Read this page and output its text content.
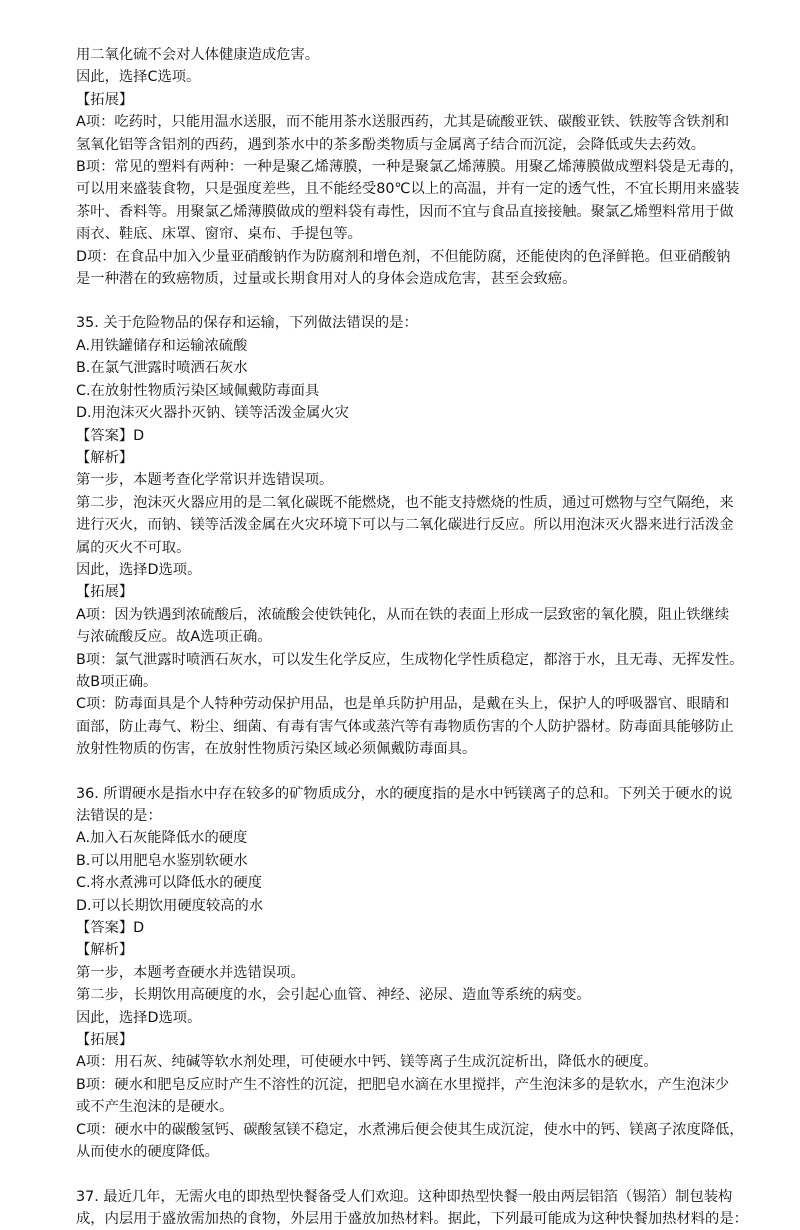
用二氧化硫不会对人体健康造成危害。
因此，选择C选项。
【拓展】
A项：吃药时，只能用温水送服，而不能用茶水送服西药，尤其是硫酸亚铁、碳酸亚铁、铁胺等含铁剂和
氢氧化铝等含铝剂的西药，遇到茶水中的茶多酚类物质与金属离子结合而沉淀，会降低或失去药效。
B项：常见的塑料有两种：一种是聚乙烯薄膜，一种是聚氯乙烯薄膜。用聚乙烯薄膜做成塑料袋是无毒的，
可以用来盛装食物，只是强度差些，且不能经受80℃以上的高温，并有一定的透气性，不宜长期用来盛装
茶叶、香料等。用聚氯乙烯薄膜做成的塑料袋有毒性，因而不宜与食品直接接触。聚氯乙烯塑料常用于做
雨衣、鞋底、床罩、窗帘、桌布、手提包等。
D项：在食品中加入少量亚硝酸钠作为防腐剂和增色剂，不但能防腐，还能使肉的色泽鲜艳。但亚硝酸钠
是一种潜在的致癌物质，过量或长期食用对人的身体会造成危害，甚至会致癌。
35. 关于危险物品的保存和运输，下列做法错误的是：
A.用铁罐储存和运输浓硫酸
B.在氯气泄露时喷洒石灰水
C.在放射性物质污染区域佩戴防毒面具
D.用泡沫灭火器扑灭钠、镁等活泼金属火灾
【答案】D
【解析】
第一步，本题考查化学常识并选错误项。
第二步，泡沫灭火器应用的是二氧化碳既不能燃烧，也不能支持燃烧的性质，通过可燃物与空气隔绝，来
进行灭火，而钠、镁等活泼金属在火灾环境下可以与二氧化碳进行反应。所以用泡沫灭火器来进行活泼金
属的灭火不可取。
因此，选择D选项。
【拓展】
A项：因为铁遇到浓硫酸后，浓硫酸会使铁钝化，从而在铁的表面上形成一层致密的氧化膜，阻止铁继续
与浓硫酸反应。故A选项正确。
B项：氯气泄露时喷洒石灰水，可以发生化学反应，生成物化学性质稳定，都溶于水，且无毒、无挥发性。
故B项正确。
C项：防毒面具是个人特种劳动保护用品，也是单兵防护用品，是戴在头上，保护人的呼吸器官、眼睛和
面部，防止毒气、粉尘、细菌、有毒有害气体或蒸汽等有毒物质伤害的个人防护器材。防毒面具能够防止
放射性物质的伤害，在放射性物质污染区域必须佩戴防毒面具。
36. 所谓硬水是指水中存在较多的矿物质成分，水的硬度指的是水中钙镁离子的总和。下列关于硬水的说
法错误的是：
A.加入石灰能降低水的硬度
B.可以用肥皂水鉴别软硬水
C.将水煮沸可以降低水的硬度
D.可以长期饮用硬度较高的水
【答案】D
【解析】
第一步，本题考查硬水并选错误项。
第二步，长期饮用高硬度的水，会引起心血管、神经、泌尿、造血等系统的病变。
因此，选择D选项。
【拓展】
A项：用石灰、纯碱等软水剂处理，可使硬水中钙、镁等离子生成沉淀析出，降低水的硬度。
B项：硬水和肥皂反应时产生不溶性的沉淀，把肥皂水滴在水里搅拌，产生泡沫多的是软水，产生泡沫少
或不产生泡沫的是硬水。
C项：硬水中的碳酸氢钙、碳酸氢镁不稳定，水煮沸后便会使其生成沉淀，使水中的钙、镁离子浓度降低，
从而使水的硬度降低。
37. 最近几年，无需火电的即热型快餐备受人们欢迎。这种即热型快餐一般由两层铝箔（锡箔）制包装构
成，内层用于盛放需加热的食物，外层用于盛放加热材料。据此，下列最可能成为这种快餐加热材料的是：
